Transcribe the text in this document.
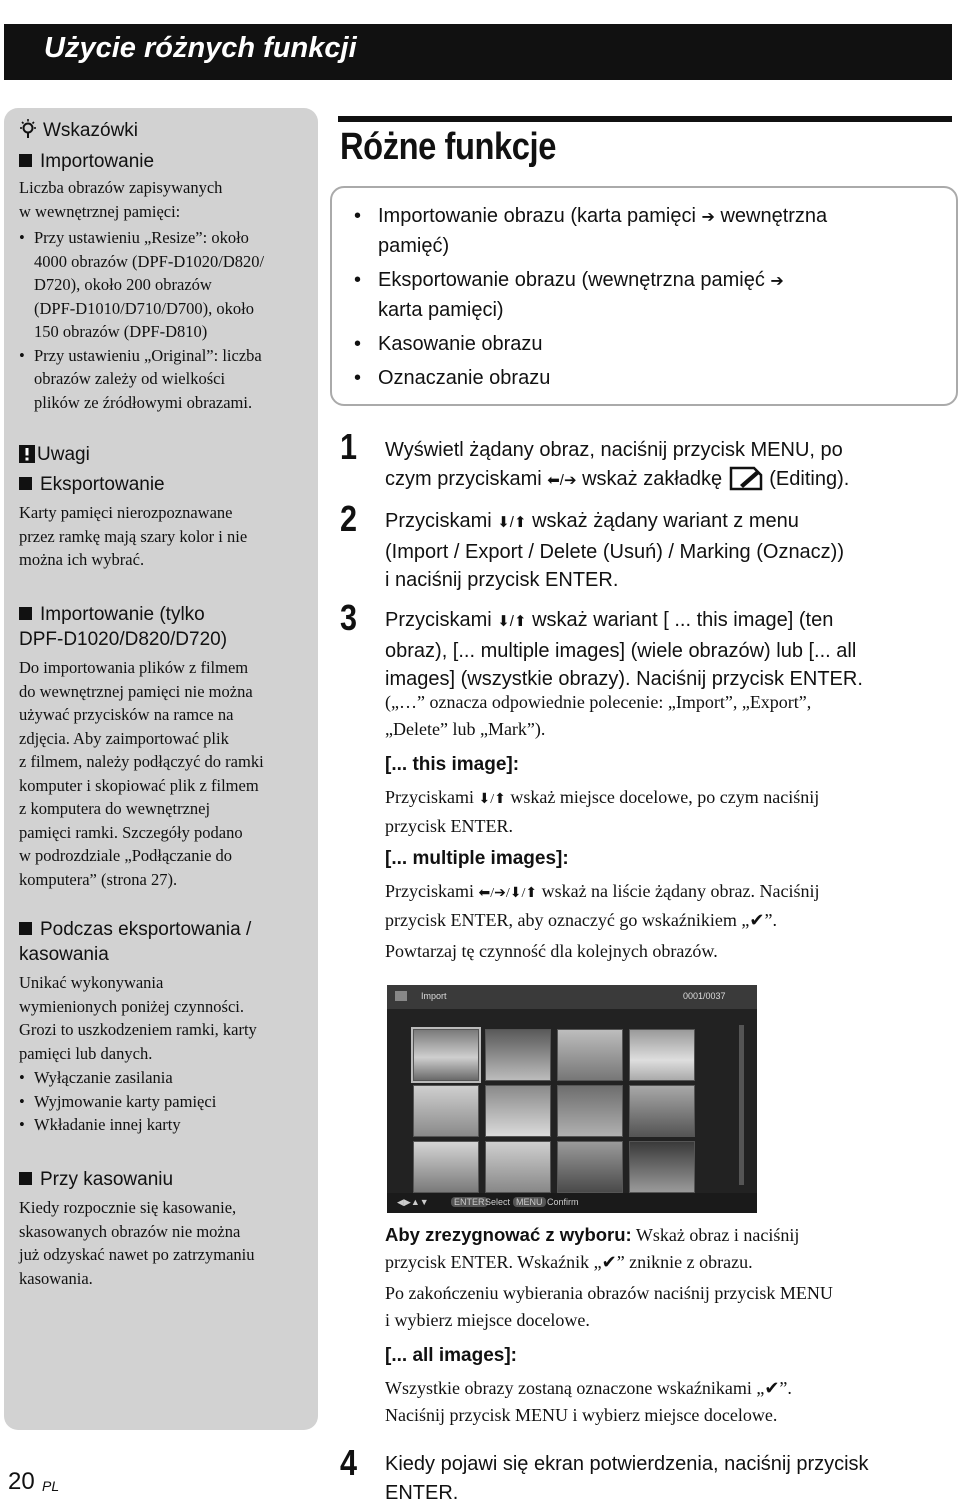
Użycie różnych funkcji

Wskazówki

Importowanie

Liczba obrazów zapisywanych
w wewnętrznej pamięci:

• Przy ustawieniu „Resize”: około
4000 obrazów (DPF-D1020/D820/
D720), około 200 obrazów
(DPF-D1010/D710/D700), około
150 obrazów (DPF-D810)
• Przy ustawieniu „Original”: liczba
obrazów zależy od wielkości
plików ze źródłowymi obrazami.

Uwagi

Eksportowanie

Karty pamięci nierozpoznawane
przez ramkę mają szary kolor i nie
można ich wybrać.

Importowanie (tylko
DPF-D1020/D820/D720)

Do importowania plików z filmem
do wewnętrznej pamięci nie można
używać przycisków na ramce na
zdjęcia. Aby zaimportować plik
z filmem, należy podłączyć do ramki
komputer i skopiować plik z filmem
z komputera do wewnętrznej
pamięci ramki. Szczegóły podano
w podrozdziale „Podłączanie do
komputera” (strona 27).

Podczas eksportowania /
kasowania

Unikać wykonywania
wymienionych poniżej czynności.
Grozi to uszkodzeniem ramki, karty
pamięci lub danych.

• Wyłączanie zasilania
• Wyjmowanie karty pamięci
• Wkładanie innej karty

Przy kasowaniu

Kiedy rozpocznie się kasowanie,
skasowanych obrazów nie można
już odzyskać nawet po zatrzymaniu
kasowania.

Różne funkcje
• Importowanie obrazu (karta pamięci ➔ wewnętrzna
pamięć)
• Eksportowanie obrazu (wewnętrzna pamięć ➔
karta pamięci)
• Kasowanie obrazu
• Oznaczanie obrazu
1 Wyświetl żądany obraz, naciśnij przycisk MENU, po
czym przyciskami ⬅/➔ wskaż zakładkę  (Editing).

2 Przyciskami ⬇/⬆ wskaż żądany wariant z menu
(Import / Export / Delete (Usuń) / Marking (Oznacz))
i naciśnij przycisk ENTER.

3 Przyciskami ⬇/⬆ wskaż wariant [ ... this image] (ten
obraz), [... multiple images] (wiele obrazów) lub [... all
images] (wszystkie obrazy). Naciśnij przycisk ENTER.

(„…” oznacza odpowiednie polecenie: „Import”, „Export”,
„Delete” lub „Mark”).

[... this image]:

Przyciskami ⬇/⬆ wskaż miejsce docelowe, po czym naciśnij
przycisk ENTER.

[... multiple images]:

Przyciskami ⬅/➔/⬇/⬆ wskaż na liście żądany obraz. Naciśnij
przycisk ENTER, aby oznaczyć go wskaźnikiem „✔”.

Powtarzaj tę czynność dla kolejnych obrazów.

Import	0001/0037
◀▶▲▼	ENTER Select MENU Confirm

Aby zrezygnować z wyboru: Wskaż obraz i naciśnij
przycisk ENTER. Wskaźnik „✔” zniknie z obrazu.

Po zakończeniu wybierania obrazów naciśnij przycisk MENU
i wybierz miejsce docelowe.

[... all images]:

Wszystkie obrazy zostaną oznaczone wskaźnikami „✔”.
Naciśnij przycisk MENU i wybierz miejsce docelowe.

4 Kiedy pojawi się ekran potwierdzenia, naciśnij przycisk
ENTER.

20 PL
